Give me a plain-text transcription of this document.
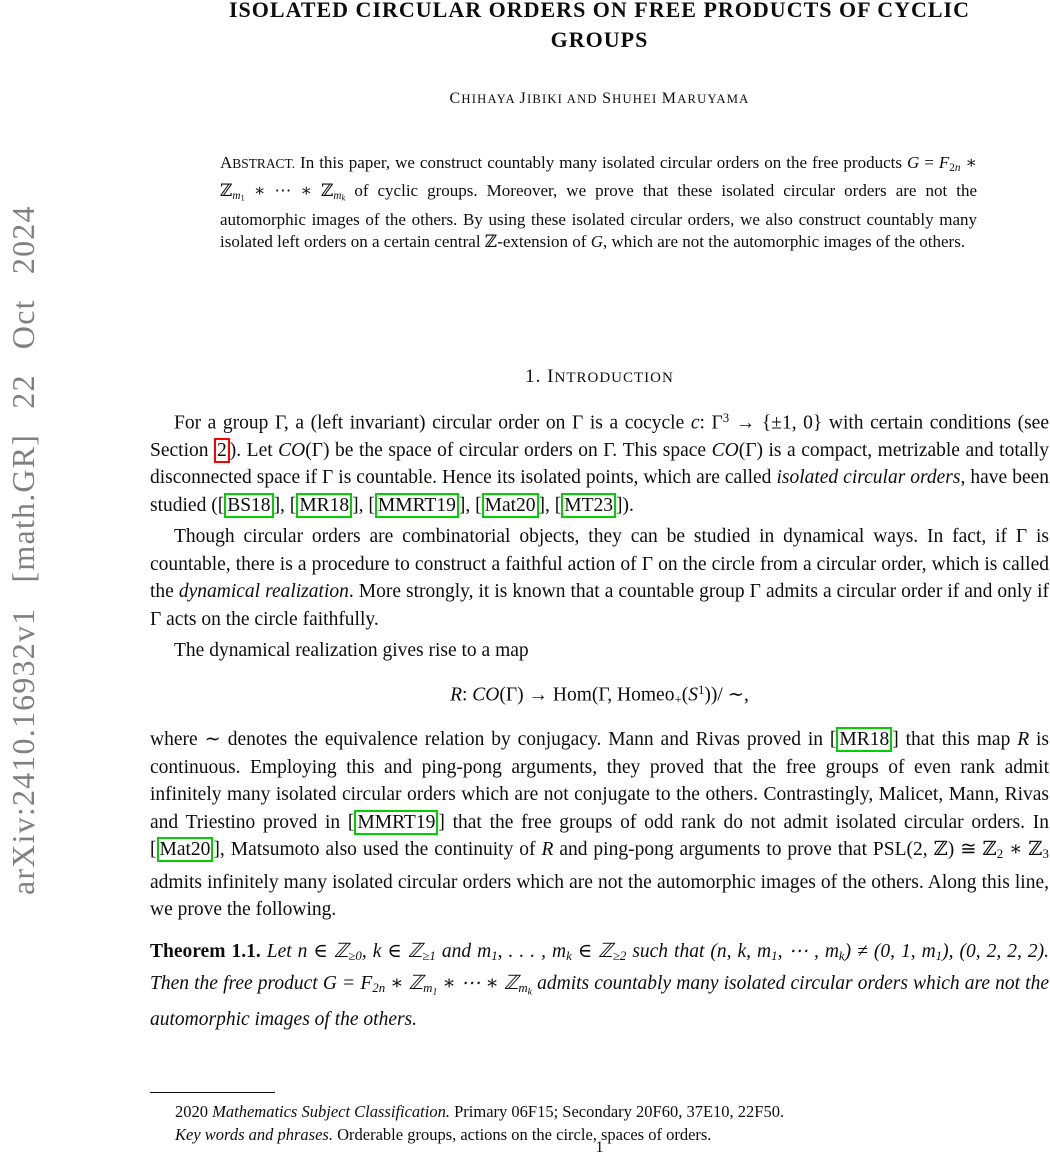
arXiv:2410.16932v1 [math.GR] 22 Oct 2024
ISOLATED CIRCULAR ORDERS ON FREE PRODUCTS OF CYCLIC
GROUPS
CHIHAYA JIBIKI AND SHUHEI MARUYAMA
ABSTRACT. In this paper, we construct countably many isolated circular orders on the free products G = F2n ∗ ℤm$_1$ ∗ ⋯ ∗ ℤm$_k$ of cyclic groups. Moreover, we prove that these isolated circular orders are not the automorphic images of the others. By using these isolated circular orders, we also construct countably many isolated left orders on a certain central ℤ-extension of G, which are not the automorphic images of the others.
1. INTRODUCTION

For a group Γ, a (left invariant) circular order on Γ is a cocycle c: $\Gamma^3 \to \{\pm 1$, 0} with certain conditions (see Section 2 ). Let CO(Γ) be the space of circular orders on Γ. This space CO(Γ) is a compact, metrizable and totally disconnected space if Γ is countable. Hence its isolated points, which are called isolated circular orders, have been studied ([ BS18 ], [ MR18 ], [ MMRT19 ], [ Mat20 ], [ MT23 ]).

Though circular orders are combinatorial objects, they can be studied in dynamical ways. In fact, if Γ is countable, there is a procedure to construct a faithful action of Γ on the circle from a circular order, which is called the dynamical realization. More strongly, it is known that a countable group Γ admits a circular order if and only if Γ acts on the circle faithfully.

The dynamical realization gives rise to a map

R: CO(Γ) → Hom(Γ, $Homeo+(S^1))/$ ∼,

where ∼ denotes the equivalence relation by conjugacy. Mann and Rivas proved in [ MR18 ] that this map R is continuous. Employing this and ping-pong arguments, they proved that the free groups of even rank admit infinitely many isolated circular orders which are not conjugate to the others. Contrastingly, Malicet, Mann, Rivas and Triestino proved in [ MMRT19 ] that the free groups of odd rank do not admit isolated circular orders. In [ Mat20 ], Matsumoto also used the continuity of R and ping-pong arguments to prove that PSL(2, ℤ) ≅ ℤ2 ∗ ℤ3 admits infinitely many isolated circular orders which are not the automorphic images of the others. Along this line, we prove the following.

Theorem 1.1. Let n ∈ ℤ≥0, k ∈ ℤ≥1 and m1, . . . , mk ∈ ℤ≥2 such that (n, k, m1, ⋯ , mk) ≠ (0, 1, m1), (0, 2, 2, 2). Then the free product G = F2n ∗ ℤm$_1$ ∗ ⋯ ∗ ℤm$_k$ admits countably many isolated circular orders which are not the automorphic images of the others.

2020 Mathematics Subject Classification. Primary 06F15; Secondary 20F60, 37E10, 22F50.

Key words and phrases. Orderable groups, actions on the circle, spaces of orders.

1
